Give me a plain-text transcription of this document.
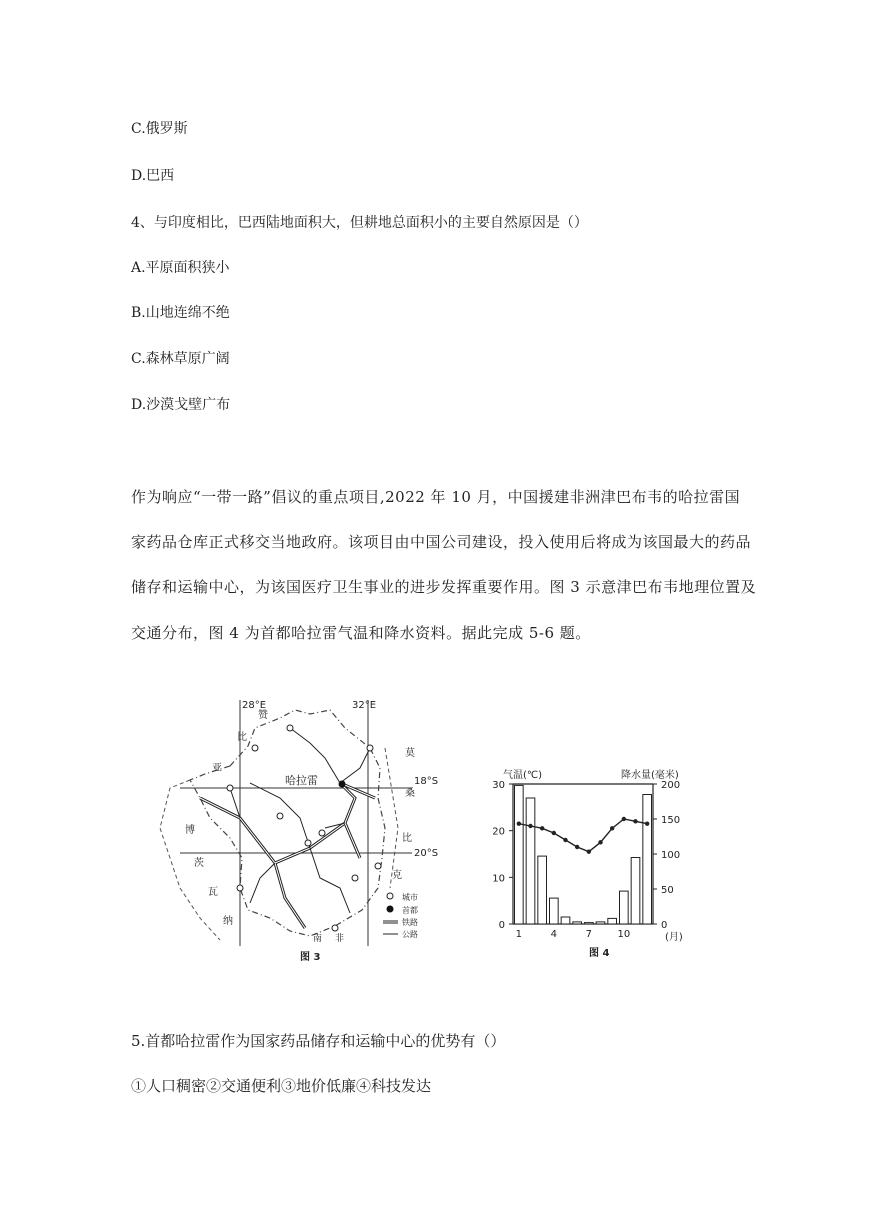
C.俄罗斯
D.巴西
4、与印度相比，巴西陆地面积大，但耕地总面积小的主要自然原因是（）
A.平原面积狭小
B.山地连绵不绝
C.森林草原广阔
D.沙漠戈壁广布
作为响应“一带一路”倡议的重点项目,2022 年 10 月，中国援建非洲津巴布韦的哈拉雷国
家药品仓库正式移交当地政府。该项目由中国公司建设，投入使用后将成为该国最大的药品
储存和运输中心，为该国医疗卫生事业的进步发挥重要作用。图 3 示意津巴布韦地理位置及
交通分布，图 4 为首都哈拉雷气温和降水资料。据此完成 5-6 题。
28°E	32°E
18°S
20°S
哈拉雷
赞
比
亚
博
茨
瓦
纳
莫
桑
比
克
南 非
城市
首都
铁路
公路
图 3
气温(℃)	降水量(毫米)
0
10
20
30
0
50
100
150
200
1	4	7	10	(月)
图 4
5.首都哈拉雷作为国家药品储存和运输中心的优势有（）
①人口稠密②交通便利③地价低廉④科技发达
